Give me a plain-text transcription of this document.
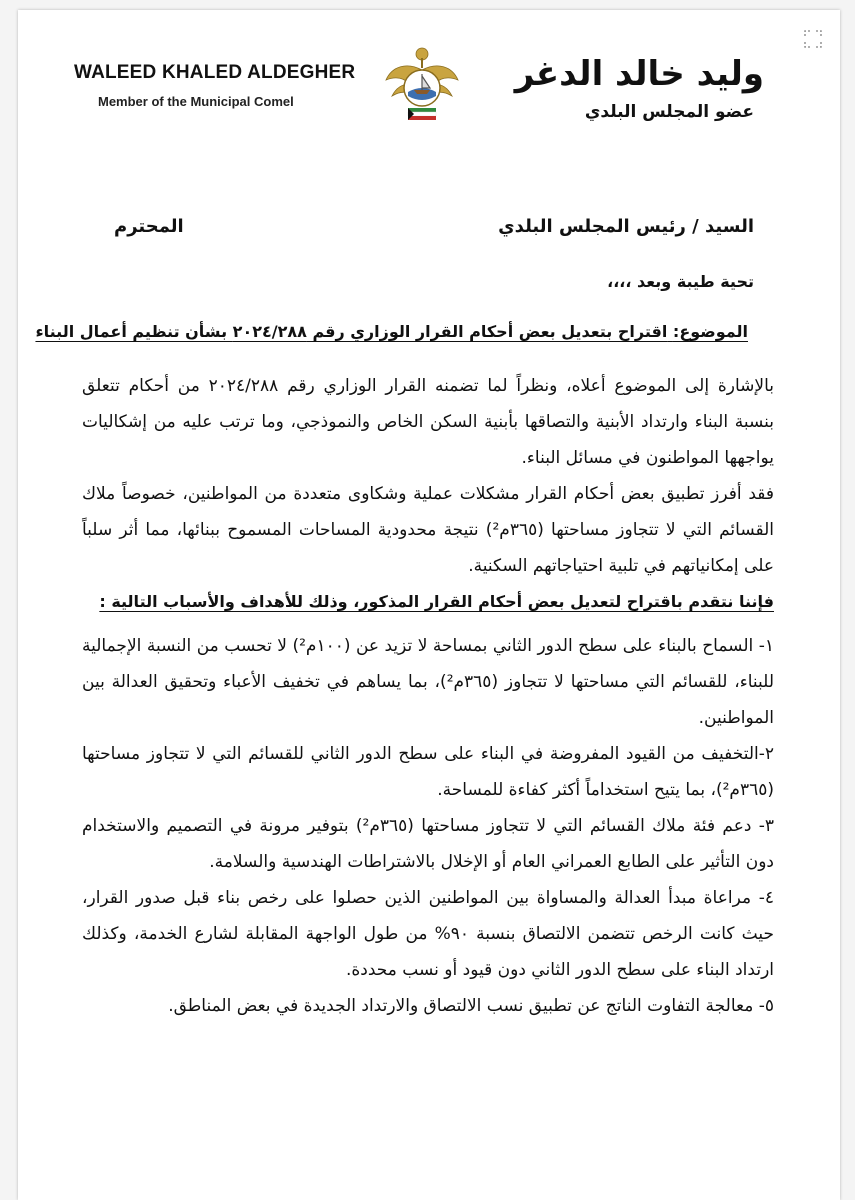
WALEED KHALED ALDEGHER
Member of the Municipal Comel
وليد خالد الدغر
عضو المجلس البلدي
السيد / رئيس المجلس البلدي
المحترم
تحية طيبة وبعد ،،،،
الموضوع: اقتراح بتعديل بعض أحكام القرار الوزاري رقم ٢٠٢٤/٢٨٨ بشأن تنظيم أعمال البناء

بالإشارة إلى الموضوع أعلاه، ونظراً لما تضمنه القرار الوزاري رقم ٢٠٢٤/٢٨٨ من أحكام تتعلق بنسبة البناء وارتداد الأبنية والتصاقها بأبنية السكن الخاص والنموذجي، وما ترتب عليه من إشكاليات يواجهها المواطنون في مسائل البناء.

فقد أفرز تطبيق بعض أحكام القرار مشكلات عملية وشكاوى متعددة من المواطنين، خصوصاً ملاك القسائم التي لا تتجاوز مساحتها (٣٦٥م²) نتيجة محدودية المساحات المسموح ببنائها، مما أثر سلباً على إمكانياتهم في تلبية احتياجاتهم السكنية.

فإننا نتقدم باقتراح لتعديل بعض أحكام القرار المذكور، وذلك للأهداف والأسباب التالية :

١- السماح بالبناء على سطح الدور الثاني بمساحة لا تزيد عن (١٠٠م²) لا تحسب من النسبة الإجمالية للبناء، للقسائم التي مساحتها لا تتجاوز (٣٦٥م²)، بما يساهم في تخفيف الأعباء وتحقيق العدالة بين المواطنين.

٢-التخفيف من القيود المفروضة في البناء على سطح الدور الثاني للقسائم التي لا تتجاوز مساحتها (٣٦٥م²)، بما يتيح استخداماً أكثر كفاءة للمساحة.

٣- دعم فئة ملاك القسائم التي لا تتجاوز مساحتها (٣٦٥م²) بتوفير مرونة في التصميم والاستخدام دون التأثير على الطابع العمراني العام أو الإخلال بالاشتراطات الهندسية والسلامة.

٤- مراعاة مبدأ العدالة والمساواة بين المواطنين الذين حصلوا على رخص بناء قبل صدور القرار، حيث كانت الرخص تتضمن الالتصاق بنسبة ٩٠% من طول الواجهة المقابلة لشارع الخدمة، وكذلك ارتداد البناء على سطح الدور الثاني دون قيود أو نسب محددة.

٥- معالجة التفاوت الناتج عن تطبيق نسب الالتصاق والارتداد الجديدة في بعض المناطق.
